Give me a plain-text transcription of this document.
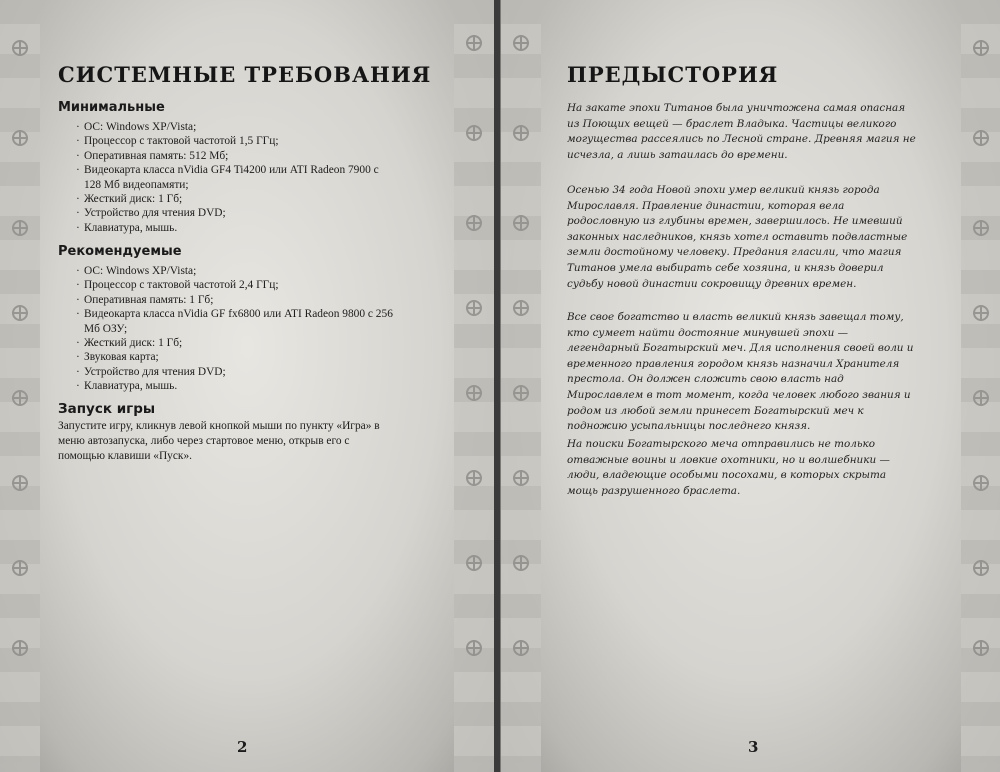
СИСТЕМНЫЕ ТРЕБОВАНИЯ
Минимальные
· ОС: Windows XP/Vista;
· Процессор с тактовой частотой 1,5 ГГц;
· Оперативная память: 512 Мб;
· Видеокарта класса nVidia GF4 Ti4200 или ATI Radeon 7900 с 128 Мб видеопамяти;
· Жесткий диск: 1 Гб;
· Устройство для чтения DVD;
· Клавиатура, мышь.
Рекомендуемые
· ОС: Windows XP/Vista;
· Процессор с тактовой частотой 2,4 ГГц;
· Оперативная память: 1 Гб;
· Видеокарта класса nVidia GF fx6800 или ATI Radeon 9800 с 256 Мб ОЗУ;
· Жесткий диск: 1 Гб;
· Звуковая карта;
· Устройство для чтения DVD;
· Клавиатура, мышь.
Запуск игры
Запустите игру, кликнув левой кнопкой мыши по пункту «Игра» в меню автозапуска, либо через стартовое меню, открыв его с помощью клавиши «Пуск».
2
ПРЕДЫСТОРИЯ
На закате эпохи Титанов была уничтожена самая опасная из Поющих вещей — браслет Владыка. Частицы великого могущества рассеялись по Лесной стране. Древняя магия не исчезла, а лишь затаилась до времени.
Осенью 34 года Новой эпохи умер великий князь города Мирославля. Правление династии, которая вела родословную из глубины времен, завершилось. Не имевший законных наследников, князь хотел оставить подвластные земли достойному человеку. Предания гласили, что магия Титанов умела выбирать себе хозяина, и князь доверил судьбу новой династии сокровищу древних времен.
Все свое богатство и власть великий князь завещал тому, кто сумеет найти достояние минувшей эпохи — легендарный Богатырский меч. Для исполнения своей воли и временного правления городом князь назначил Хранителя престола. Он должен сложить свою власть над Мирославлем в тот момент, когда человек любого звания и родом из любой земли принесет Богатырский меч к подножию усыпальницы последнего князя.
На поиски Богатырского меча отправились не только отважные воины и ловкие охотники, но и волшебники — люди, владеющие особыми посохами, в которых скрыта мощь разрушенного браслета.
3
